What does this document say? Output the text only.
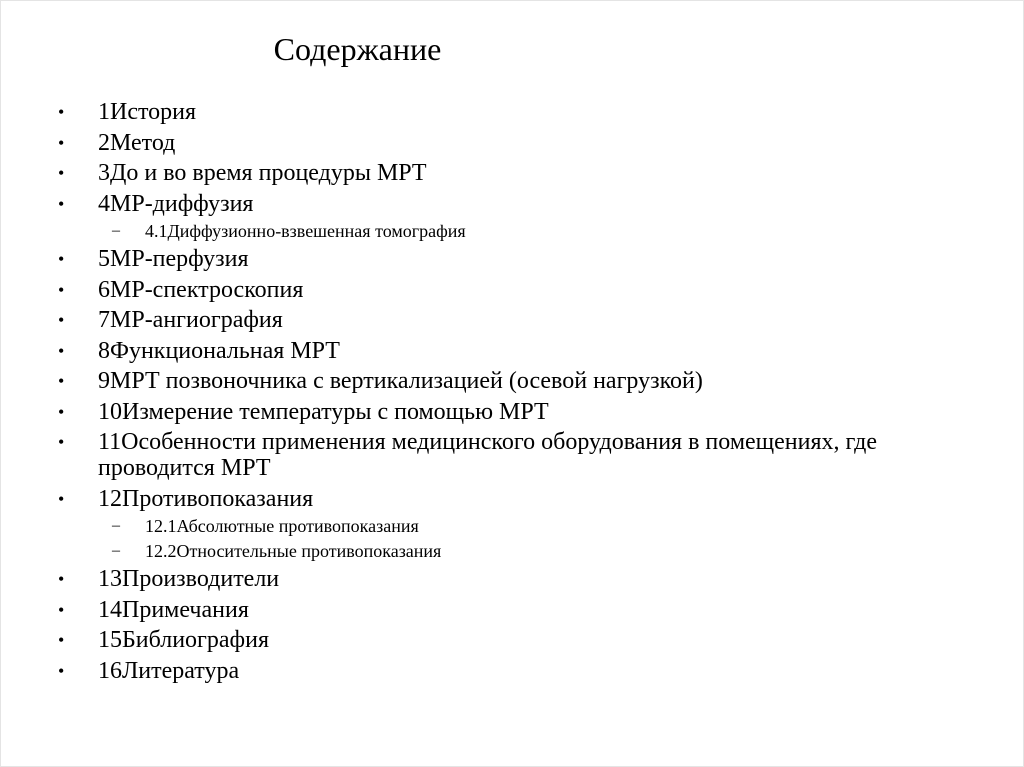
Содержание
•	1История
•	2Метод
•	3До и во время процедуры МРТ
•	4МР-диффузия
– 4.1Диффузионно-взвешенная томография
•	5МР-перфузия
•	6МР-спектроскопия
•	7МР-ангиография
•	8Функциональная МРТ
•	9МРТ позвоночника с вертикализацией (осевой нагрузкой)
•	10Измерение температуры с помощью МРТ
•	11Особенности применения медицинского оборудования в помещениях, где проводится МРТ
•	12Противопоказания
– 12.1Абсолютные противопоказания
– 12.2Относительные противопоказания
•	13Производители
•	14Примечания
•	15Библиография
•	16Литература
